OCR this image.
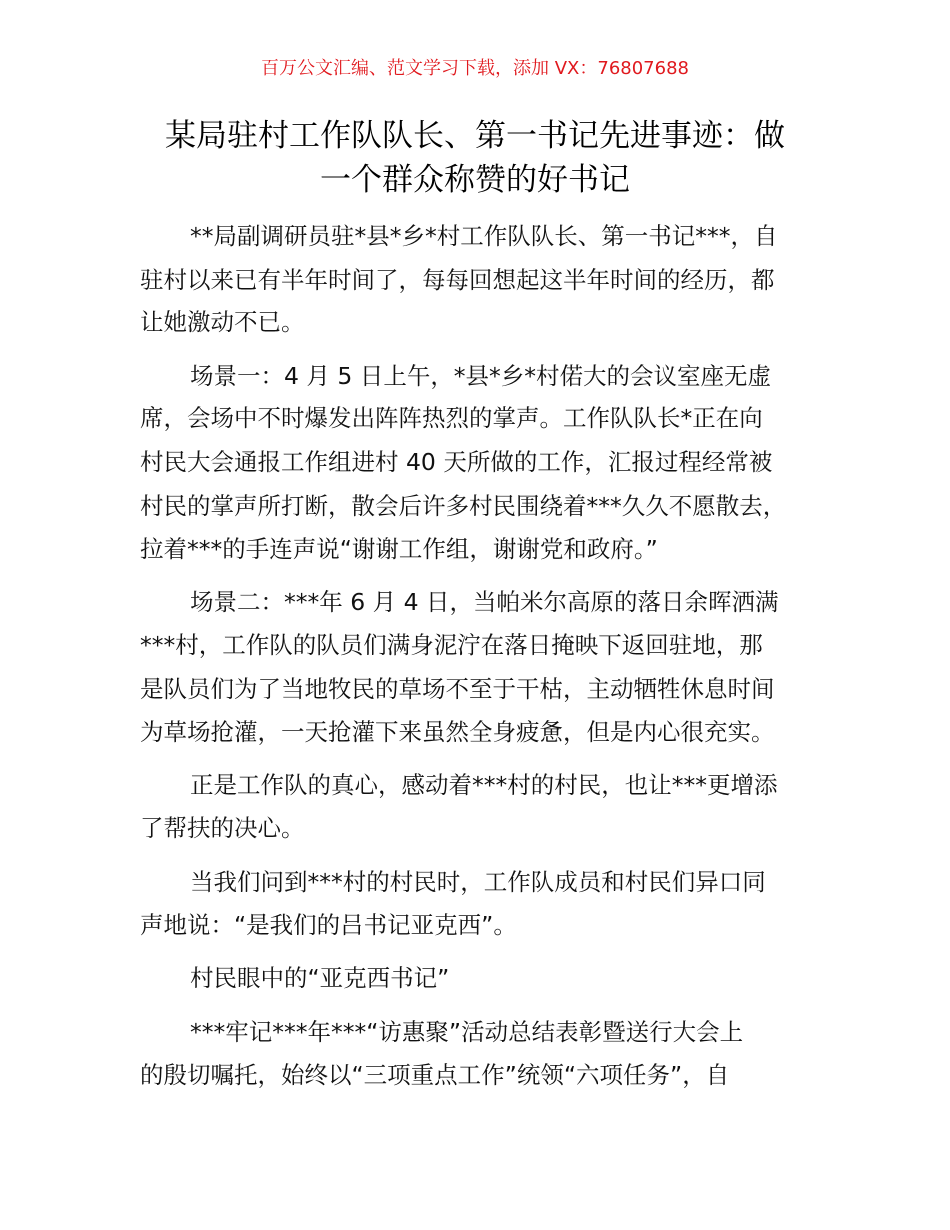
百万公文汇编、范文学习下载，添加 VX：76807688
某局驻村工作队队长、第一书记先进事迹：做
一个群众称赞的好书记
**局副调研员驻*县*乡*村工作队队长、第一书记***，自
驻村以来已有半年时间了，每每回想起这半年时间的经历，都
让她激动不已。
场景一：4 月 5 日上午，*县*乡*村偌大的会议室座无虚
席，会场中不时爆发出阵阵热烈的掌声。工作队队长*正在向
村民大会通报工作组进村 40 天所做的工作，汇报过程经常被
村民的掌声所打断，散会后许多村民围绕着***久久不愿散去，
拉着***的手连声说“谢谢工作组，谢谢党和政府。”
场景二：***年 6 月 4 日，当帕米尔高原的落日余晖洒满
***村，工作队的队员们满身泥泞在落日掩映下返回驻地，那
是队员们为了当地牧民的草场不至于干枯，主动牺牲休息时间
为草场抢灌，一天抢灌下来虽然全身疲惫，但是内心很充实。
正是工作队的真心，感动着***村的村民，也让***更增添
了帮扶的决心。
当我们问到***村的村民时，工作队成员和村民们异口同
声地说：“是我们的吕书记亚克西”。
村民眼中的“亚克西书记”
***牢记***年***“访惠聚”活动总结表彰暨送行大会上
的殷切嘱托，始终以“三项重点工作”统领“六项任务”，自
